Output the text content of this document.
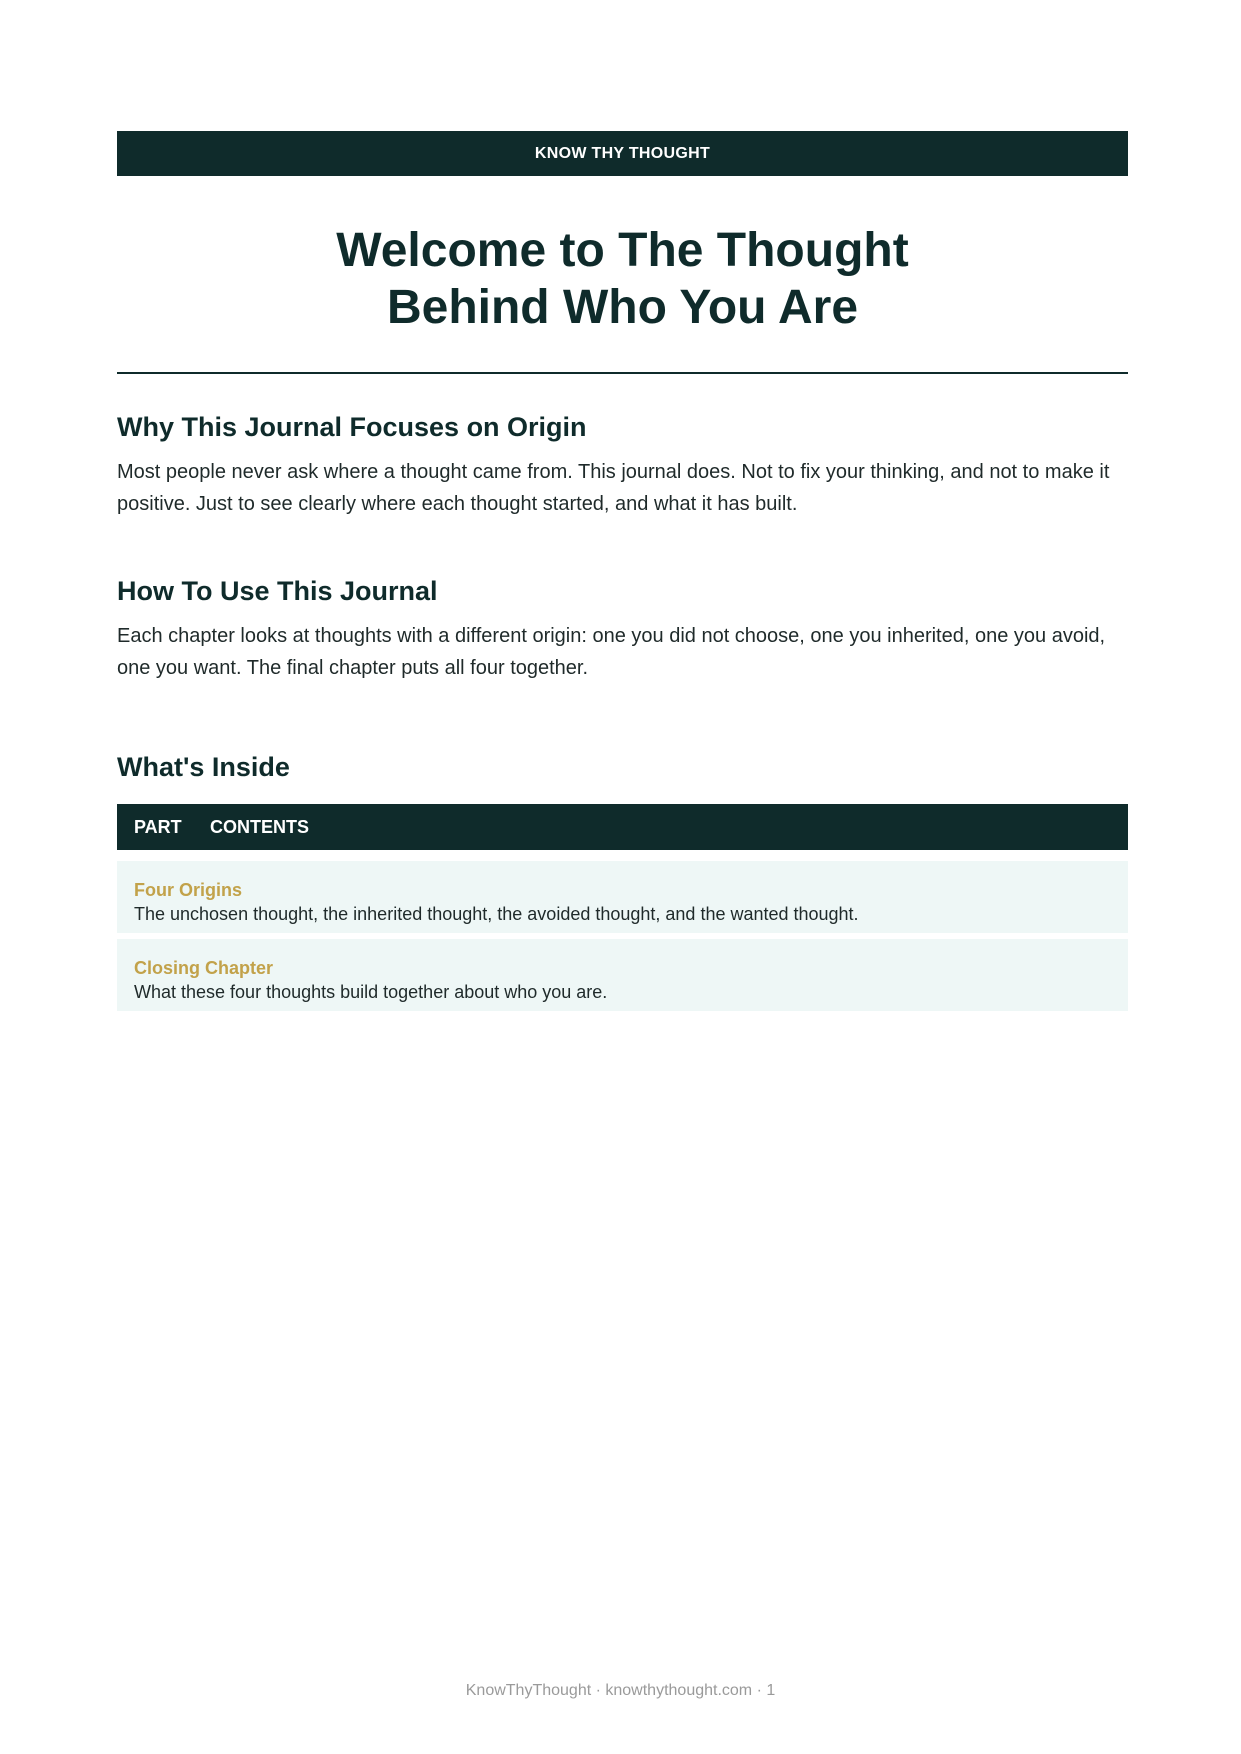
KNOW THY THOUGHT
Welcome to The Thought
Behind Who You Are
Why This Journal Focuses on Origin

Most people never ask where a thought came from. This journal does. Not to fix your thinking, and not to make it positive. Just to see clearly where each thought started, and what it has built.

How To Use This Journal

Each chapter looks at thoughts with a different origin: one you did not choose, one you inherited, one you avoid, one you want. The final chapter puts all four together.

What's Inside
PART	CONTENTS
Four Origins
The unchosen thought, the inherited thought, the avoided thought, and the wanted thought.
Closing Chapter
What these four thoughts build together about who you are.
KnowThyThought · knowthythought.com · 1
